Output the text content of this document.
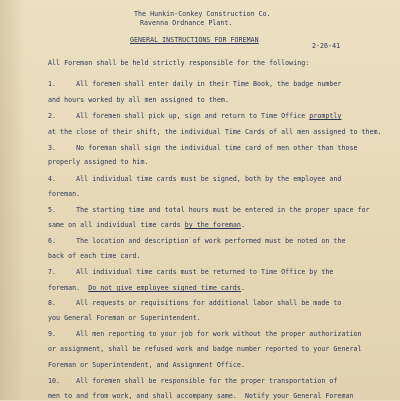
The Hunkin-Conkey Construction Co.
Ravenna Ordnance Plant.
GENERAL INSTRUCTIONS FOR FOREMAN
2-26-41
All Foreman shall be held strictly responsible for the following:
1.     All foremen shall enter daily in their Time Book, the badge number
and hours worked by all men assigned to them.
2.     All foremen shall pick up, sign and return to Time Office promptly
at the close of their shift, the individual Time Cards of all men assigned to them.
3.     No foreman shall sign the individual time card of men other than those
properly assigned to him.
4.     All individual time cards must be signed, both by the employee and
foreman.
5.     The starting time and total hours must be entered in the proper space for
same on all individual time cards by the foreman.
6.     The location and description of work performed must be noted on the
back of each time card.
7.     All individual time cards must be returned to Time Office by the
foreman.  Do not give employee signed time cards.
8.     All requests or requisitions for additional labor shall be made to
you General Foreman or Superintendent.
9.     All men reporting to your job for work without the proper authorization
or assignment, shall be refused work and badge number reported to your General
Foreman or Superintendent, and Assignment Office.
10.    All foremen shall be responsible for the proper transportation of
men to and from work, and shall accompany same.  Notify your General Foreman
